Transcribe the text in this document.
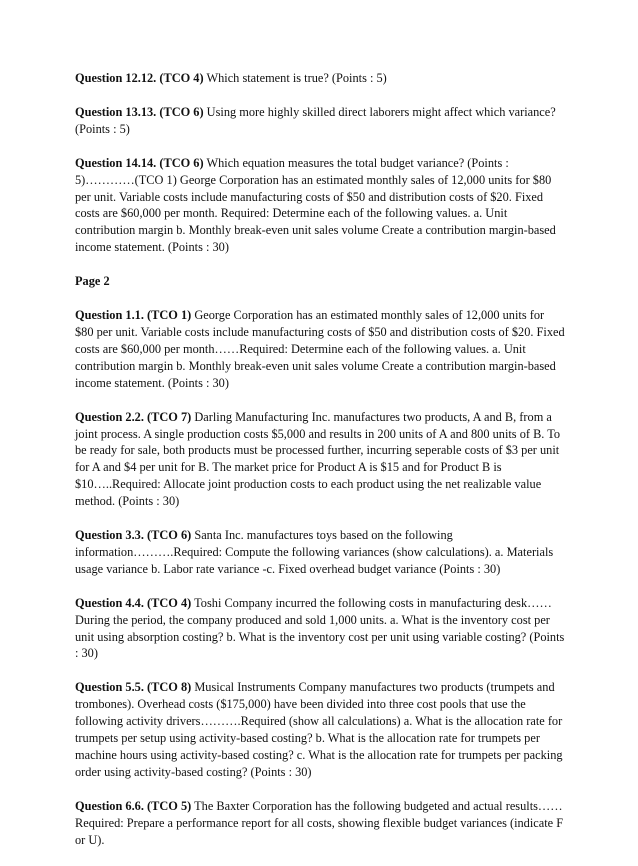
Question 12.12. (TCO 4) Which statement is true? (Points : 5)

Question 13.13. (TCO 6) Using more highly skilled direct laborers might affect which variance? (Points : 5)

Question 14.14. (TCO 6) Which equation measures the total budget variance? (Points : 5)…………(TCO 1) George Corporation has an estimated monthly sales of 12,000 units for $80 per unit. Variable costs include manufacturing costs of $50 and distribution costs of $20. Fixed costs are $60,000 per month. Required: Determine each of the following values. a. Unit contribution margin b. Monthly break-even unit sales volume Create a contribution margin-based income statement. (Points : 30)

Page 2

Question 1.1. (TCO 1) George Corporation has an estimated monthly sales of 12,000 units for $80 per unit. Variable costs include manufacturing costs of $50 and distribution costs of $20. Fixed costs are $60,000 per month……Required: Determine each of the following values. a. Unit contribution margin b. Monthly break-even unit sales volume Create a contribution margin-based income statement. (Points : 30)

Question 2.2. (TCO 7) Darling Manufacturing Inc. manufactures two products, A and B, from a joint process. A single production costs $5,000 and results in 200 units of A and 800 units of B. To be ready for sale, both products must be processed further, incurring seperable costs of $3 per unit for A and $4 per unit for B. The market price for Product A is $15 and for Product B is $10…..Required: Allocate joint production costs to each product using the net realizable value method. (Points : 30)

Question 3.3. (TCO 6) Santa Inc. manufactures toys based on the following information……….Required: Compute the following variances (show calculations). a. Materials usage variance b. Labor rate variance -c. Fixed overhead budget variance (Points : 30)

Question 4.4. (TCO 4) Toshi Company incurred the following costs in manufacturing desk……During the period, the company produced and sold 1,000 units. a. What is the inventory cost per unit using absorption costing? b. What is the inventory cost per unit using variable costing? (Points : 30)

Question 5.5. (TCO 8) Musical Instruments Company manufactures two products (trumpets and trombones). Overhead costs ($175,000) have been divided into three cost pools that use the following activity drivers……….Required (show all calculations) a. What is the allocation rate for trumpets per setup using activity-based costing? b. What is the allocation rate for trumpets per machine hours using activity-based costing? c. What is the allocation rate for trumpets per packing order using activity-based costing? (Points : 30)

Question 6.6. (TCO 5) The Baxter Corporation has the following budgeted and actual results……Required: Prepare a performance report for all costs, showing flexible budget variances (indicate F or U).
